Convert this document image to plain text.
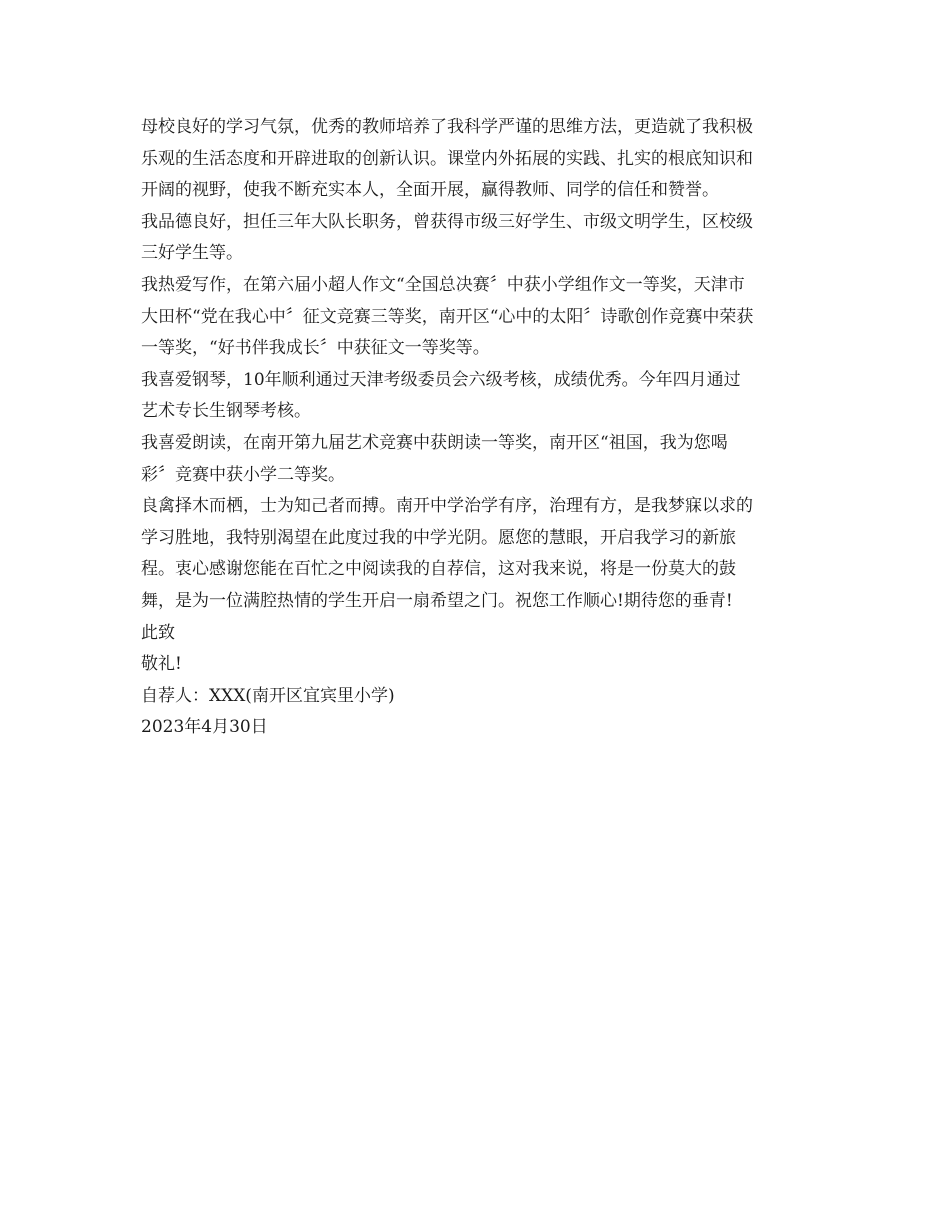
母校良好的学习气氛，优秀的教师培养了我科学严谨的思维方法，更造就了我积极
乐观的生活态度和开辟进取的创新认识。课堂内外拓展的实践、扎实的根底知识和
开阔的视野，使我不断充实本人，全面开展，赢得教师、同学的信任和赞誉。
我品德良好，担任三年大队长职务，曾获得市级三好学生、市级文明学生，区校级
三好学生等。
我热爱写作，在第六届小超人作文“全国总决赛〞中获小学组作文一等奖，天津市
大田杯“党在我心中〞征文竞赛三等奖，南开区“心中的太阳〞诗歌创作竞赛中荣获
一等奖，“好书伴我成长〞中获征文一等奖等。
我喜爱钢琴，10年顺利通过天津考级委员会六级考核，成绩优秀。今年四月通过
艺术专长生钢琴考核。
我喜爱朗读，在南开第九届艺术竞赛中获朗读一等奖，南开区“祖国，我为您喝
彩〞竞赛中获小学二等奖。
良禽择木而栖，士为知己者而搏。南开中学治学有序，治理有方，是我梦寐以求的
学习胜地，我特别渴望在此度过我的中学光阴。愿您的慧眼，开启我学习的新旅
程。衷心感谢您能在百忙之中阅读我的自荐信，这对我来说，将是一份莫大的鼓
舞，是为一位满腔热情的学生开启一扇希望之门。祝您工作顺心!期待您的垂青!
此致
敬礼!
自荐人：XXX(南开区宜宾里小学)
2023年4月30日
